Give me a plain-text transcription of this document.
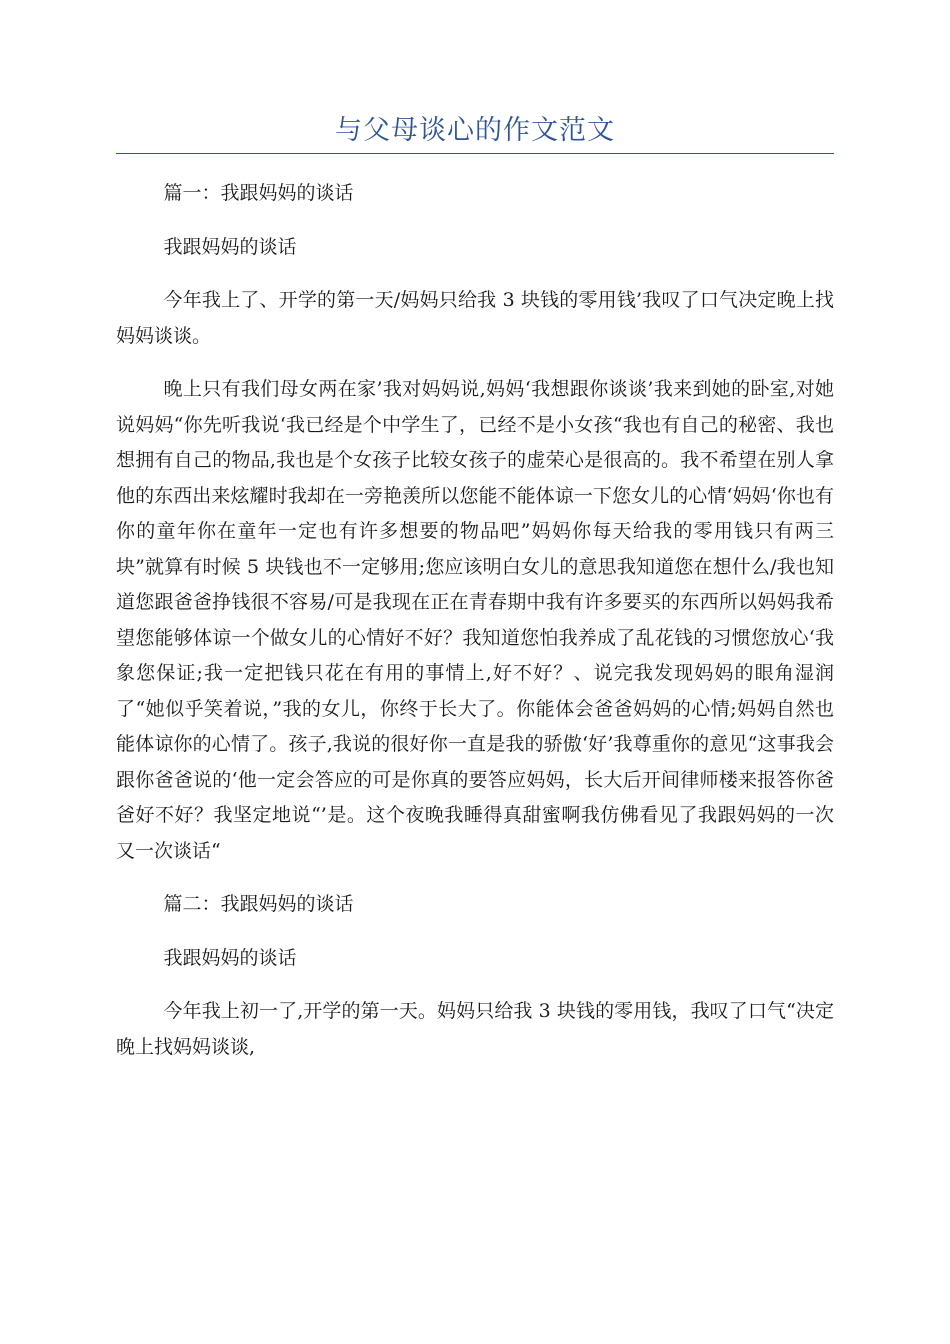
与父母谈心的作文范文

篇一：我跟妈妈的谈话

我跟妈妈的谈话

今年我上了、开学的第一天/妈妈只给我 3 块钱的零用钱’我叹了口气决定晚上找妈妈谈谈。

晚上只有我们母女两在家’我对妈妈说,妈妈‘我想跟你谈谈’我来到她的卧室,对她说妈妈“你先听我说‘我已经是个中学生了，已经不是小女孩“我也有自己的秘密、我也想拥有自己的物品,我也是个女孩子比较女孩子的虚荣心是很高的。我不希望在别人拿他的东西出来炫耀时我却在一旁艳羡所以您能不能体谅一下您女儿的心情‘妈妈‘你也有你的童年你在童年一定也有许多想要的物品吧”妈妈你每天给我的零用钱只有两三块”就算有时候 5 块钱也不一定够用;您应该明白女儿的意思我知道您在想什么/我也知道您跟爸爸挣钱很不容易/可是我现在正在青春期中我有许多要买的东西所以妈妈我希望您能够体谅一个做女儿的心情好不好？我知道您怕我养成了乱花钱的习惯您放心‘我象您保证;我一定把钱只花在有用的事情上,好不好？、说完我发现妈妈的眼角湿润了“她似乎笑着说，”我的女儿，你终于长大了。你能体会爸爸妈妈的心情;妈妈自然也能体谅你的心情了。孩子,我说的很好你一直是我的骄傲‘好’我尊重你的意见“这事我会跟你爸爸说的‘他一定会答应的可是你真的要答应妈妈，长大后开间律师楼来报答你爸爸好不好？我坚定地说“’是。这个夜晚我睡得真甜蜜啊我仿佛看见了我跟妈妈的一次又一次谈话“

篇二：我跟妈妈的谈话

我跟妈妈的谈话

今年我上初一了,开学的第一天。妈妈只给我 3 块钱的零用钱，我叹了口气“决定晚上找妈妈谈谈,
